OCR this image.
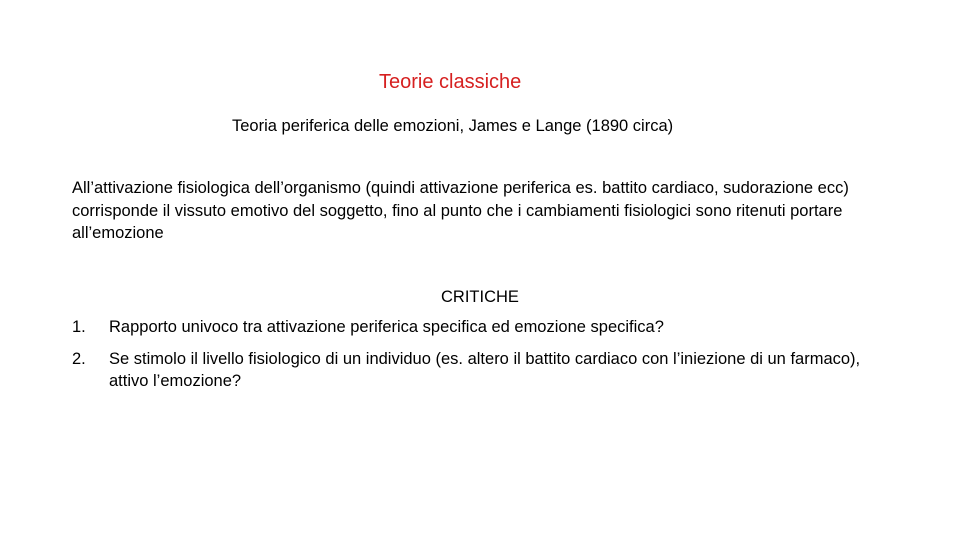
Teorie classiche
Teoria periferica delle emozioni, James e Lange (1890 circa)
All’attivazione fisiologica dell’organismo (quindi attivazione periferica es. battito cardiaco, sudorazione ecc) corrisponde il vissuto emotivo del soggetto, fino al punto che i cambiamenti fisiologici sono ritenuti portare all’emozione
CRITICHE
1. Rapporto univoco tra attivazione periferica specifica ed emozione specifica?
2. Se stimolo il livello fisiologico di un individuo (es. altero il battito cardiaco con l’iniezione di un farmaco), attivo l’emozione?
